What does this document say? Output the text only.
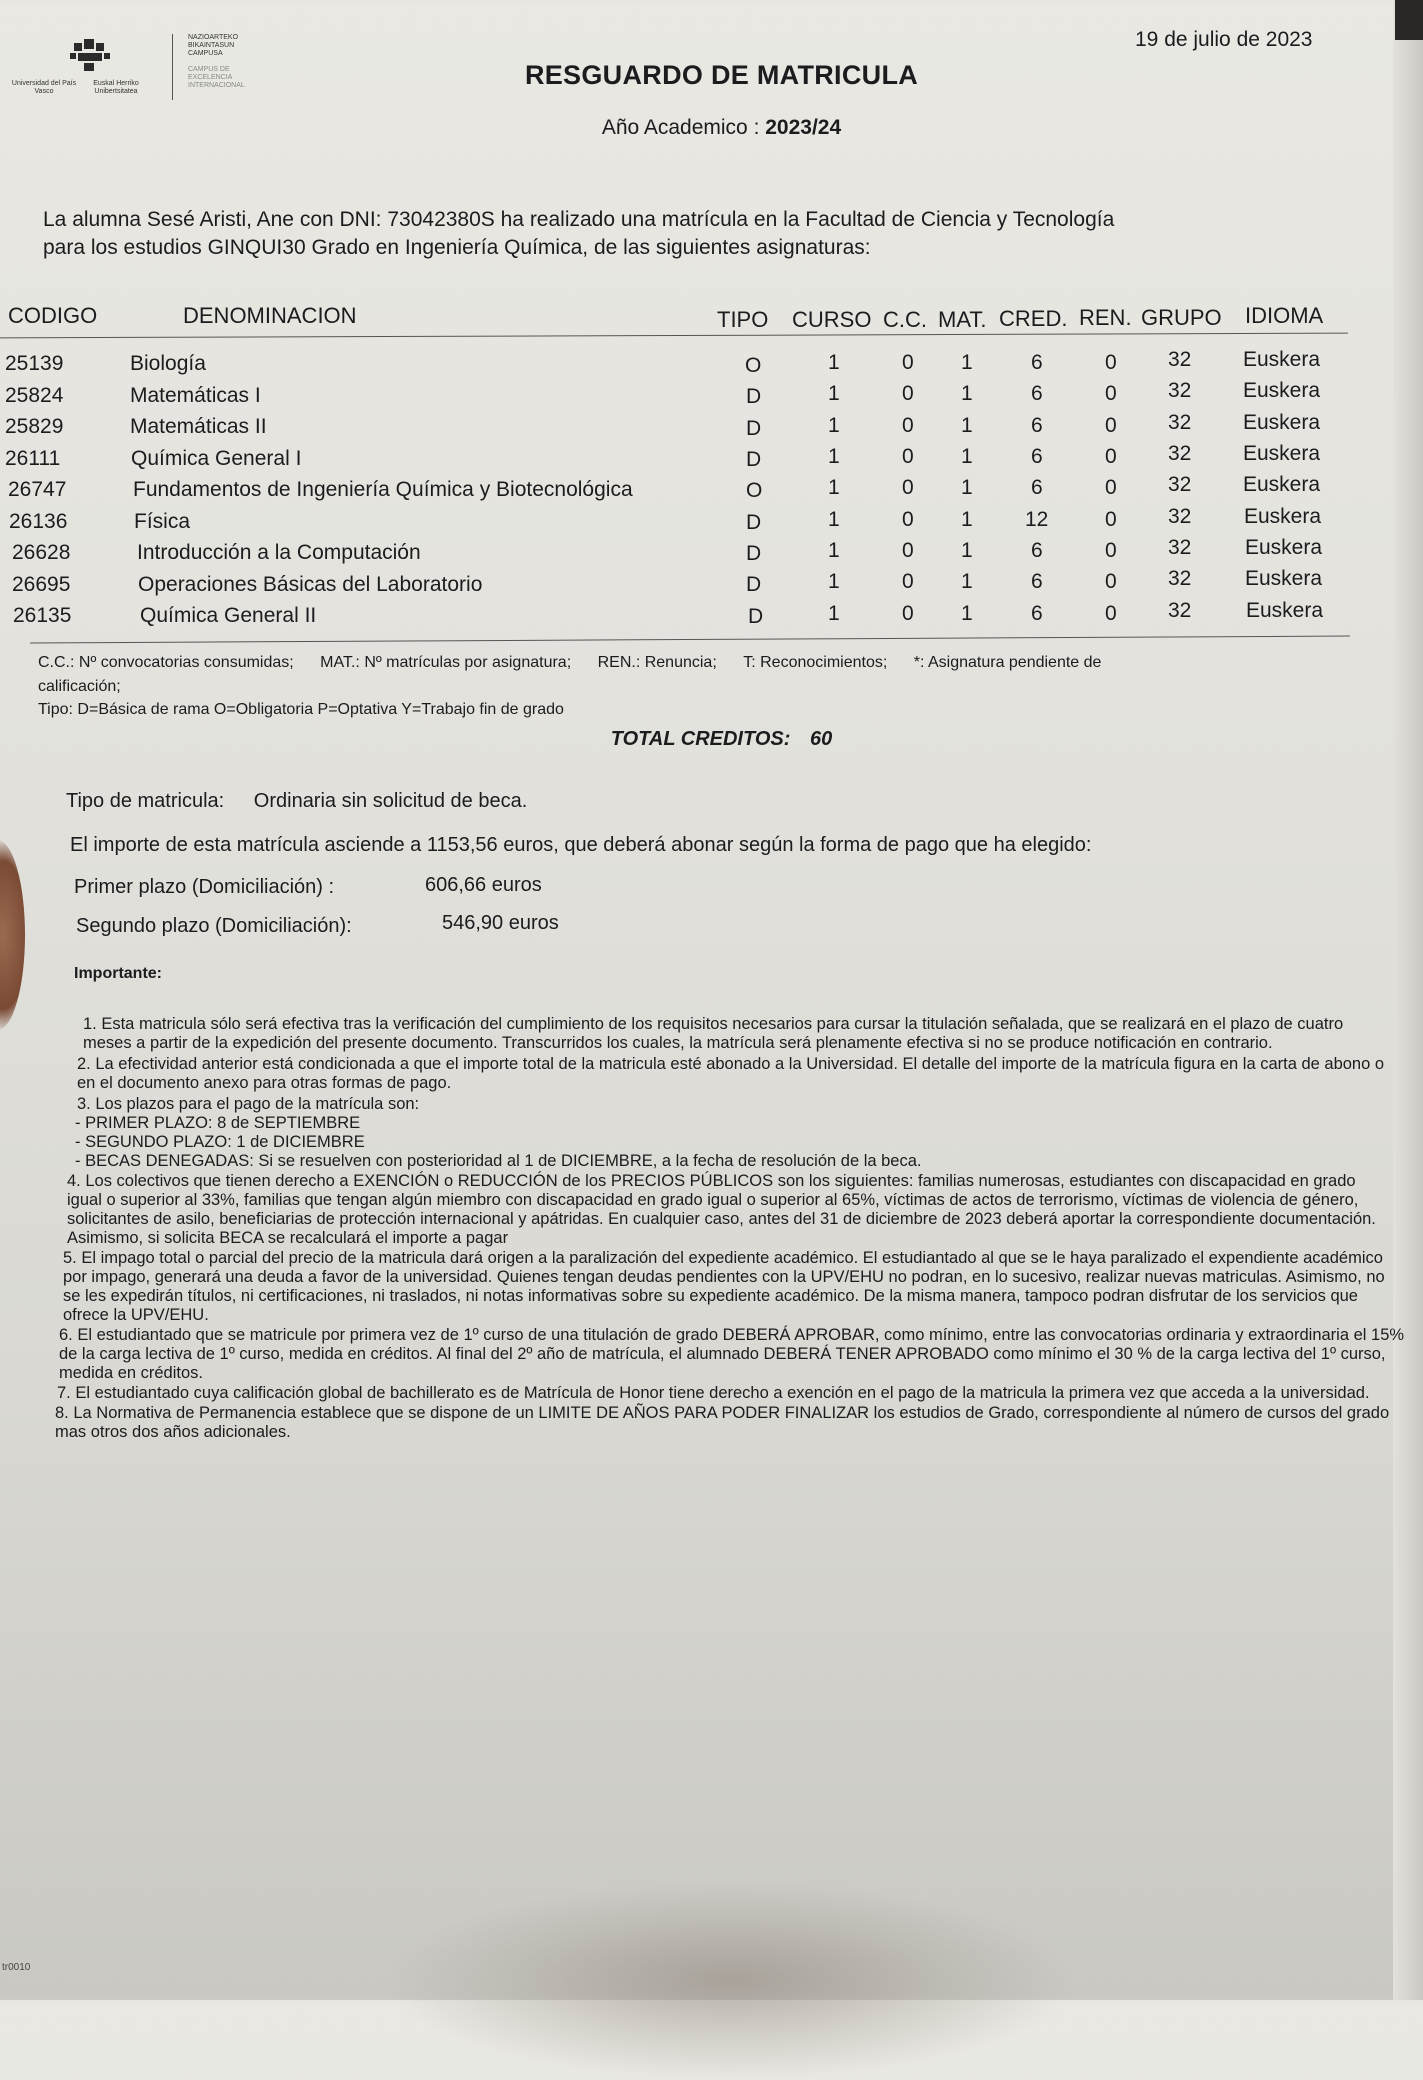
Universidad del País Vasco
Euskal Herriko Unibertsitatea
NAZIOARTEKO BIKAINTASUN CAMPUSA
CAMPUS DE EXCELENCIA INTERNACIONAL
19 de julio de 2023
RESGUARDO DE MATRICULA
Año Academico : 2023/24
La alumna Sesé Aristi, Ane con DNI: 73042380S ha realizado una matrícula en la Facultad de Ciencia y Tecnología
para los estudios GINQUI30 Grado en Ingeniería Química, de las siguientes asignaturas:
CODIGO	DENOMINACION	TIPO CURSO C.C. MAT. CRED. REN. GRUPO IDIOMA
25139	Biología	O	1	0 1	6	0 32 Euskera
25824	Matemáticas I	D	1	0 1	6	0 32 Euskera
25829	Matemáticas II	D	1	0 1	6	0 32 Euskera
26111	Química General I	D	1	0 1	6	0 32 Euskera
26747	Fundamentos de Ingeniería Química y Biotecnológica	O	1	0 1	6	0 32 Euskera
26136	Física	D	1	0 1 12	0 32	Euskera
26628	Introducción a la Computación	D	1	0 1	6	0 32	Euskera
26695	Operaciones Básicas del Laboratorio	D	1	0 1	6	0 32	Euskera
26135	Química General II	D	1	0 1	6	0 32	Euskera
C.C.: Nº convocatorias consumidas; MAT.: Nº matrículas por asignatura; REN.: Renuncia; T: Reconocimientos; *: Asignatura pendiente de
calificación;
Tipo: D=Básica de rama O=Obligatoria P=Optativa Y=Trabajo fin de grado
TOTAL CREDITOS: 60
Tipo de matricula: Ordinaria sin solicitud de beca.
El importe de esta matrícula asciende a 1153,56 euros, que deberá abonar según la forma de pago que ha elegido:
Primer plazo (Domiciliación) :	606,66 euros
Segundo plazo (Domiciliación):	546,90 euros
Importante:

1. Esta matricula sólo será efectiva tras la verificación del cumplimiento de los requisitos necesarios para cursar la titulación señalada, que se realizará en el plazo de cuatro meses a partir de la expedición del presente documento. Transcurridos los cuales, la matrícula será plenamente efectiva si no se produce notificación en contrario.

2. La efectividad anterior está condicionada a que el importe total de la matricula esté abonado a la Universidad. El detalle del importe de la matrícula figura en la carta de abono o en el documento anexo para otras formas de pago.

3. Los plazos para el pago de la matrícula son:

- PRIMER PLAZO: 8 de SEPTIEMBRE

- SEGUNDO PLAZO: 1 de DICIEMBRE

- BECAS DENEGADAS: Si se resuelven con posterioridad al 1 de DICIEMBRE, a la fecha de resolución de la beca.

4. Los colectivos que tienen derecho a EXENCIÓN o REDUCCIÓN de los PRECIOS PÚBLICOS son los siguientes: familias numerosas, estudiantes con discapacidad en grado igual o superior al 33%, familias que tengan algún miembro con discapacidad en grado igual o superior al 65%, víctimas de actos de terrorismo, víctimas de violencia de género, solicitantes de asilo, beneficiarias de protección internacional y apátridas. En cualquier caso, antes del 31 de diciembre de 2023 deberá aportar la correspondiente documentación. Asimismo, si solicita BECA se recalculará el importe a pagar

5. El impago total o parcial del precio de la matricula dará origen a la paralización del expediente académico. El estudiantado al que se le haya paralizado el expendiente académico por impago, generará una deuda a favor de la universidad. Quienes tengan deudas pendientes con la UPV/EHU no podran, en lo sucesivo, realizar nuevas matriculas. Asimismo, no se les expedirán títulos, ni certificaciones, ni traslados, ni notas informativas sobre su expediente académico. De la misma manera, tampoco podran disfrutar de los servicios que ofrece la UPV/EHU.

6. El estudiantado que se matricule por primera vez de 1º curso de una titulación de grado DEBERÁ APROBAR, como mínimo, entre las convocatorias ordinaria y extraordinaria el 15% de la carga lectiva de 1º curso, medida en créditos. Al final del 2º año de matrícula, el alumnado DEBERÁ TENER APROBADO como mínimo el 30 % de la carga lectiva del 1º curso, medida en créditos.

7. El estudiantado cuya calificación global de bachillerato es de Matrícula de Honor tiene derecho a exención en el pago de la matricula la primera vez que acceda a la universidad.

8. La Normativa de Permanencia establece que se dispone de un LIMITE DE AÑOS PARA PODER FINALIZAR los estudios de Grado, correspondiente al número de cursos del grado mas otros dos años adicionales.

tr0010
